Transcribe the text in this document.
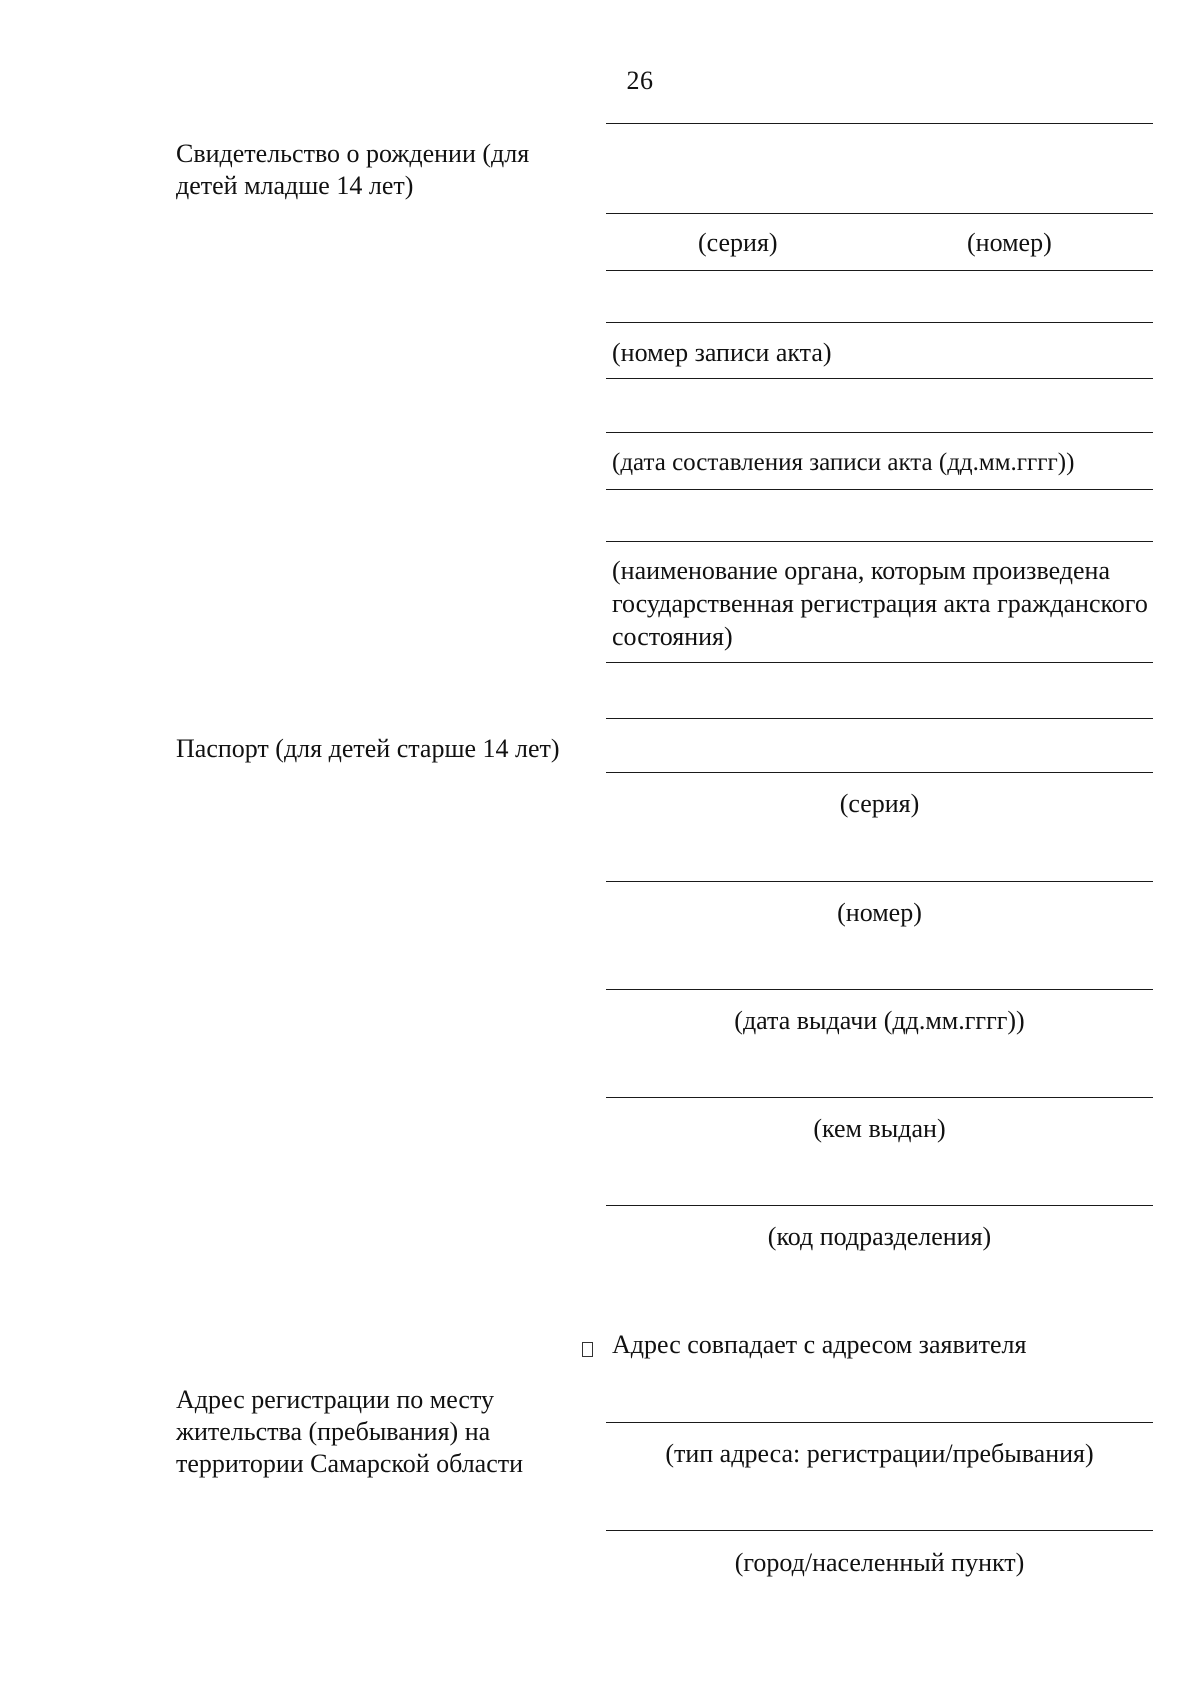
26
Свидетельство о рождении (для детей младше 14 лет)
(серия)	(номер)
(номер записи акта)
(дата составления записи акта (дд.мм.гггг))
(наименование органа, которым произведена государственная регистрация акта гражданского состояния)
Паспорт (для детей старше 14 лет)
(серия)
(номер)
(дата выдачи (дд.мм.гггг))
(кем выдан)
(код подразделения)
Адрес совпадает с адресом заявителя
Адрес регистрации по месту жительства (пребывания) на территории Самарской области	(тип адреса: регистрации/пребывания)
(город/населенный пункт)
